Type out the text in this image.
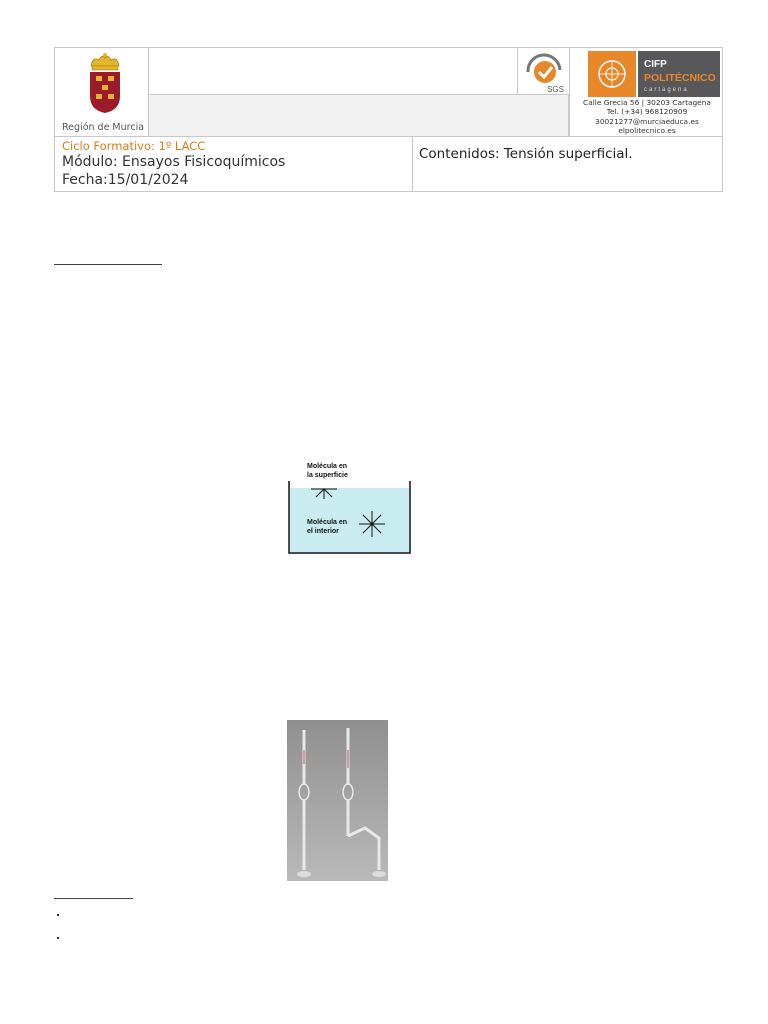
Región de Murcia
SGS
CIFP
POLITÉCNICO
cartagena
Calle Grecia 56 | 30203 Cartagena
Tel. (+34) 968120909
30021277@murciaeduca.es
elpolitecnico.es
Ciclo Formativo: 1º LACC
Módulo: Ensayos Fisicoquímicos
Fecha:15/01/2024
Contenidos: Tensión superficial.
Molécula en
la superficie
Molécula en
el interior
